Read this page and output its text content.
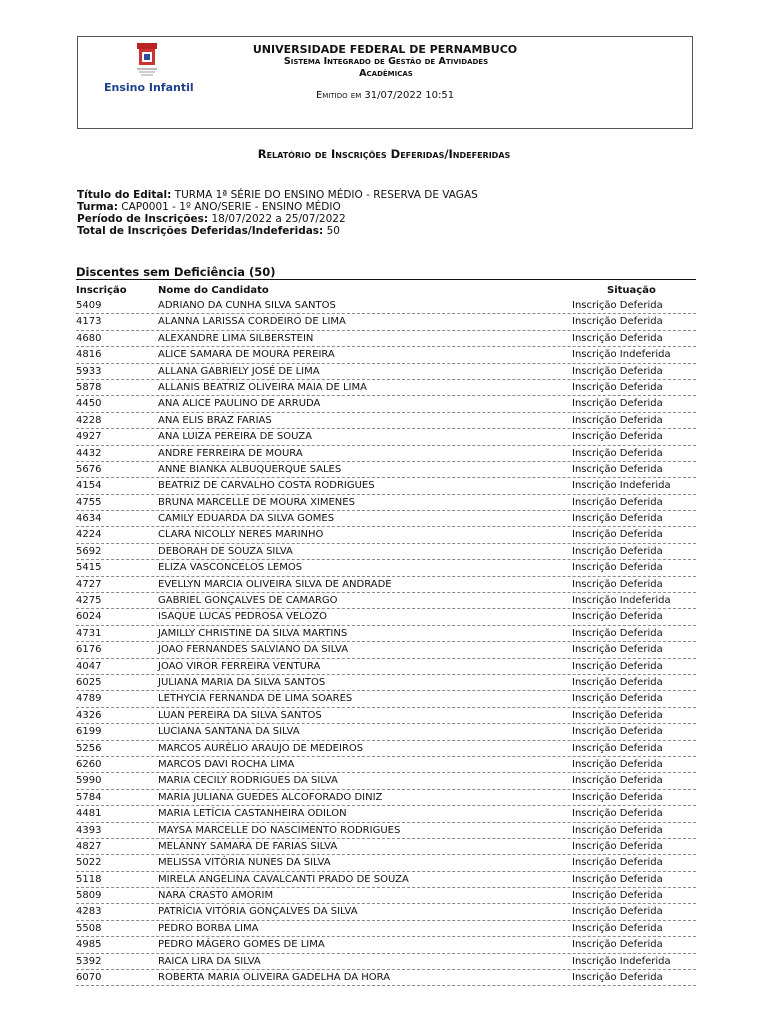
Ensino Infantil
UNIVERSIDADE FEDERAL DE PERNAMBUCO
Sistema Integrado de Gestão de Atividades
Acadêmicas
Emitido em 31/07/2022 10:51
Relatório de Inscrições Deferidas/Indeferidas
Título do Edital: TURMA 1ª SÉRIE DO ENSINO MÉDIO - RESERVA DE VAGAS
Turma: CAP0001 - 1º ANO/SERIE - ENSINO MÉDIO
Período de Inscrições: 18/07/2022 a 25/07/2022
Total de Inscrições Deferidas/Indeferidas: 50
Discentes sem Deficiência (50)
Inscrição	Nome do Candidato	Situação
5409	ADRIANO DA CUNHA SILVA SANTOS	Inscrição Deferida
4173	ALANNA LARISSA CORDEIRO DE LIMA	Inscrição Deferida
4680	ALEXANDRE LIMA SILBERSTEIN	Inscrição Deferida
4816	ALICE SAMARA DE MOURA PEREIRA	Inscrição Indeferida
5933	ALLANA GABRIELY JOSÉ DE LIMA	Inscrição Deferida
5878	ALLANIS BEATRIZ OLIVEIRA MAIA DE LIMA	Inscrição Deferida
4450	ANA ALICE PAULINO DE ARRUDA	Inscrição Deferida
4228	ANA ELIS BRAZ FARIAS	Inscrição Deferida
4927	ANA LUIZA PEREIRA DE SOUZA	Inscrição Deferida
4432	ANDRE FERREIRA DE MOURA	Inscrição Deferida
5676	ANNE BIANKA ALBUQUERQUE SALES	Inscrição Deferida
4154	BEATRIZ DE CARVALHO COSTA RODRIGUES	Inscrição Indeferida
4755	BRUNA MARCELLE DE MOURA XIMENES	Inscrição Deferida
4634	CAMILY EDUARDA DA SILVA GOMES	Inscrição Deferida
4224	CLARA NICOLLY NERES MARINHO	Inscrição Deferida
5692	DEBORAH DE SOUZA SILVA	Inscrição Deferida
5415	ELIZA VASCONCELOS LEMOS	Inscrição Deferida
4727	EVELLYN MARCIA OLIVEIRA SILVA DE ANDRADE	Inscrição Deferida
4275	GABRIEL GONÇALVES DE CAMARGO	Inscrição Indeferida
6024	ISAQUE LUCAS PEDROSA VELOZO	Inscrição Deferida
4731	JAMILLY CHRISTINE DA SILVA MARTINS	Inscrição Deferida
6176	JOAO FERNANDES SALVIANO DA SILVA	Inscrição Deferida
4047	JOAO VIROR FERREIRA VENTURA	Inscrição Deferida
6025	JULIANA MARIA DA SILVA SANTOS	Inscrição Deferida
4789	LETHYCIA FERNANDA DE LIMA SOARES	Inscrição Deferida
4326	LUAN PEREIRA DA SILVA SANTOS	Inscrição Deferida
6199	LUCIANA SANTANA DA SILVA	Inscrição Deferida
5256	MARCOS AURÉLIO ARAUJO DE MEDEIROS	Inscrição Deferida
6260	MARCOS DAVI ROCHA LIMA	Inscrição Deferida
5990	MARIA CECILY RODRIGUES DA SILVA	Inscrição Deferida
5784	MARIA JULIANA GUEDES ALCOFORADO DINIZ	Inscrição Deferida
4481	MARIA LETÍCIA CASTANHEIRA ODILON	Inscrição Deferida
4393	MAYSA MARCELLE DO NASCIMENTO RODRIGUES	Inscrição Deferida
4827	MELANNY SAMARA DE FARIAS SILVA	Inscrição Deferida
5022	MELISSA VITÓRIA NUNES DA SILVA	Inscrição Deferida
5118	MIRELA ANGELINA CAVALCANTI PRADO DE SOUZA	Inscrição Deferida
5809	NARA CRAST0 AMORIM	Inscrição Deferida
4283	PATRÍCIA VITÓRIA GONÇALVES DA SILVA	Inscrição Deferida
5508	PEDRO BORBA LIMA	Inscrição Deferida
4985	PEDRO MÁGERO GOMES DE LIMA	Inscrição Deferida
5392	RAICA LIRA DA SILVA	Inscrição Indeferida
6070	ROBERTA MARIA OLIVEIRA GADELHA DA HORA	Inscrição Deferida
